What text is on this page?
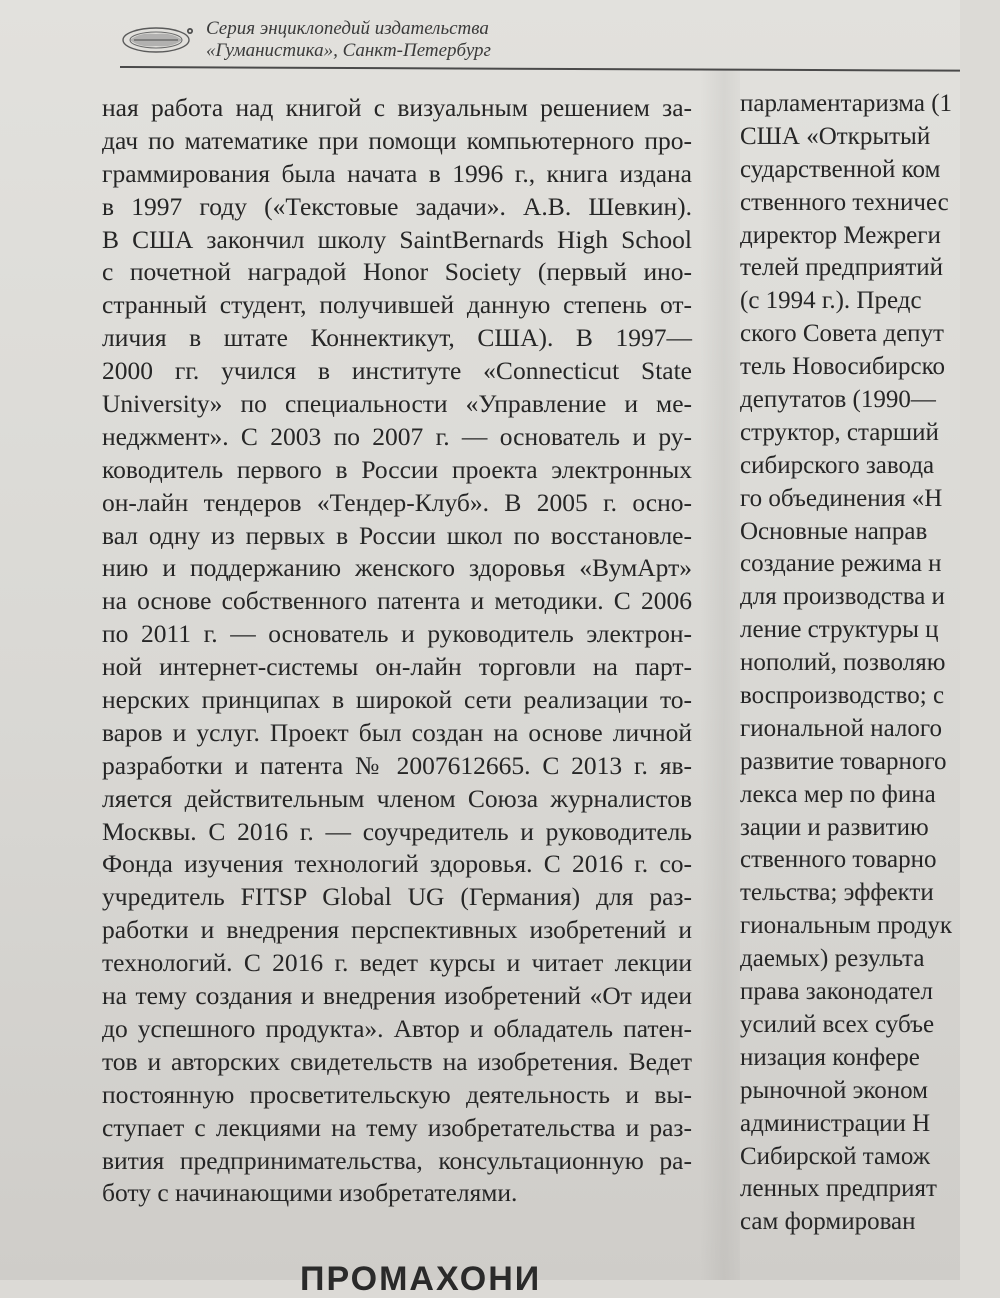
Серия энциклопедий издательства
«Гуманистика», Санкт-Петербург
ная работа над книгой с визуальным решением за-
дач по математике при помощи компьютерного про-
граммирования была начата в 1996 г., книга издана
в 1997 году («Текстовые задачи». А.В. Шевкин).
В США закончил школу SaintBernards High School
с почетной наградой Honor Society (первый ино-
странный студент, получившей данную степень от-
личия в штате Коннектикут, США). В 1997—
2000 гг. учился в институте «Connecticut State
University» по специальности «Управление и ме-
неджмент». С 2003 по 2007 г. — основатель и ру-
ководитель первого в России проекта электронных
он-лайн тендеров «Тендер-Клуб». В 2005 г. осно-
вал одну из первых в России школ по восстановле-
нию и поддержанию женского здоровья «ВумАрт»
на основе собственного патента и методики. С 2006
по 2011 г. — основатель и руководитель электрон-
ной интернет-системы он-лайн торговли на парт-
нерских принципах в широкой сети реализации то-
варов и услуг. Проект был создан на основе личной
разработки и патента № 2007612665. С 2013 г. яв-
ляется действительным членом Союза журналистов
Москвы. С 2016 г. — соучредитель и руководитель
Фонда изучения технологий здоровья. С 2016 г. со-
учредитель FITSP Global UG (Германия) для раз-
работки и внедрения перспективных изобретений и
технологий. С 2016 г. ведет курсы и читает лекции
на тему создания и внедрения изобретений «От идеи
до успешного продукта». Автор и обладатель патен-
тов и авторских свидетельств на изобретения. Ведет
постоянную просветительскую деятельность и вы-
ступает с лекциями на тему изобретательства и раз-
вития предпринимательства, консультационную ра-
боту с начинающими изобретателями.
парламентаризма (1
США «Открытый
сударственной ком
ственного техничес
директор Межреги
телей предприятий
(с 1994 г.). Предс
ского Совета депут
тель Новосибирско
депутатов (1990—
структор, старший
сибирского завода
го объединения «Н
Основные направ
создание режима н
для производства и
ление структуры ц
нополий, позволяю
воспроизводство; с
гиональной налого
развитие товарного
лекса мер по фина
зации и развитию
ственного товарно
тельства; эффекти
гиональным продук
даемых) результа
права законодател
усилий всех субъе
низация конфере
рыночной эконом
администрации Н
Сибирской тамож
ленных предприят
сам формирован
ПРОМАХОНИ
